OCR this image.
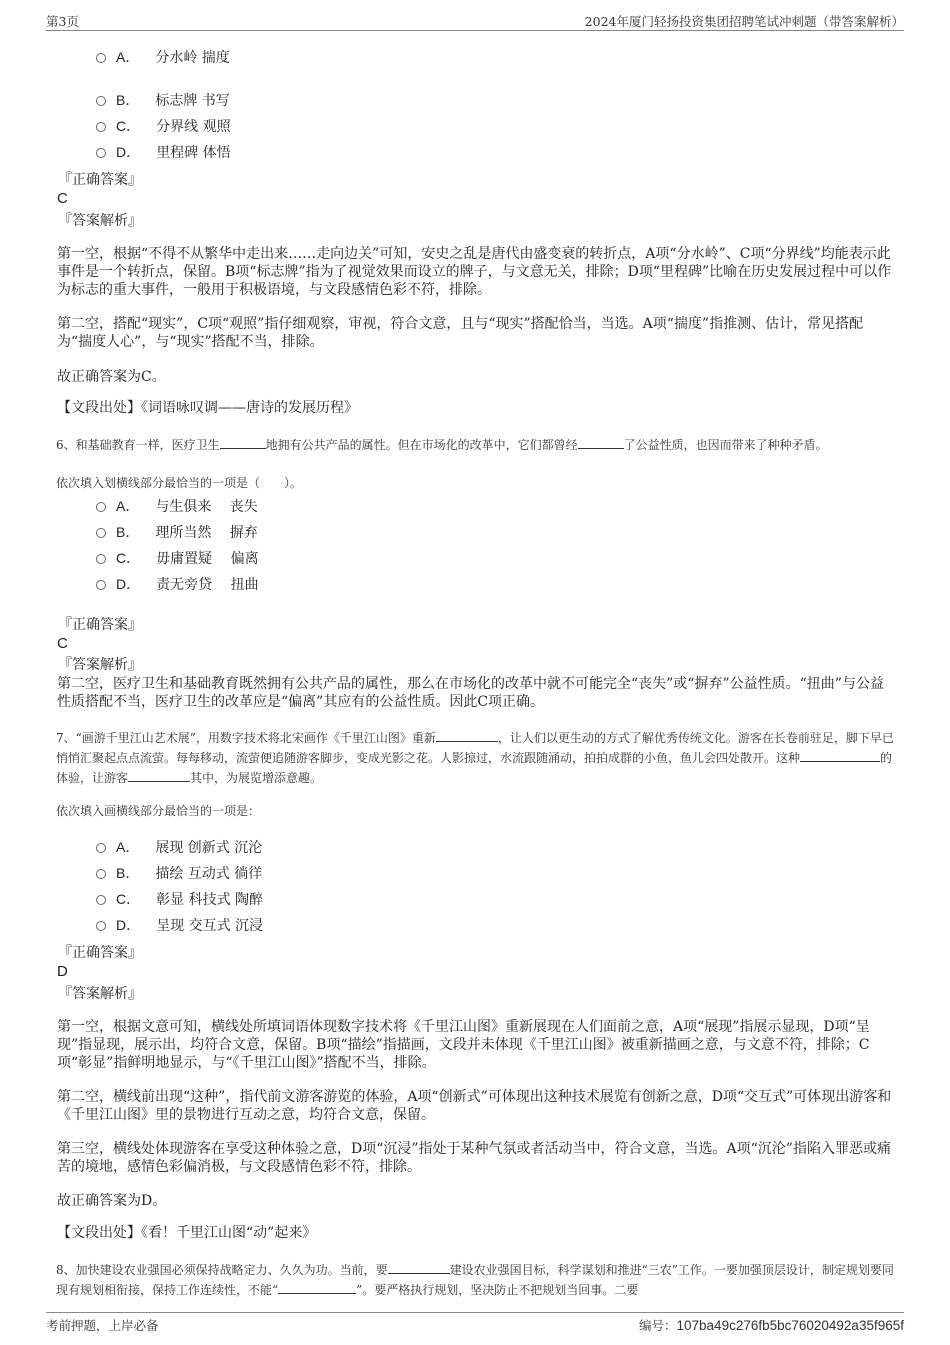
第3页	2024年厦门轻扬投资集团招聘笔试冲刺题（带答案解析）
A． 分水岭 揣度
B． 标志牌 书写
C． 分界线 观照
D． 里程碑 体悟
『正确答案』
C
『答案解析』
第一空，根据“不得不从繁华中走出来……走向边关”可知，安史之乱是唐代由盛变衰的转折点，A项“分水岭”、C项“分界线”均能表示此事件是一个转折点，保留。B项“标志牌”指为了视觉效果而设立的牌子，与文意无关，排除；D项“里程碑”比喻在历史发展过程中可以作为标志的重大事件，一般用于积极语境，与文段感情色彩不符，排除。
第二空，搭配“现实”，C项“观照”指仔细观察，审视，符合文意，且与“现实”搭配恰当，当选。A项“揣度”指推测、估计，常见搭配为“揣度人心”，与“现实”搭配不当，排除。
故正确答案为C。
【文段出处】《词语咏叹调——唐诗的发展历程》
6、和基础教育一样，医疗卫生	地拥有公共产品的属性。但在市场化的改革中，它们都曾经	了公益性质，也因而带来了种种矛盾。
依次填入划横线部分最恰当的一项是（　　）。
A． 与生俱来　 丧失
B． 理所当然　 摒弃
C． 毋庸置疑　 偏离
D． 责无旁贷　 扭曲
『正确答案』
C
『答案解析』
第二空，医疗卫生和基础教育既然拥有公共产品的属性，那么在市场化的改革中就不可能完全“丧失”或“摒弃”公益性质。“扭曲”与公益性质搭配不当，医疗卫生的改革应是“偏离”其应有的公益性质。因此C项正确。
7、“画游千里江山艺术展”，用数字技术将北宋画作《千里江山图》重新	，让人们以更生动的方式了解优秀传统文化。游客在长卷前驻足，脚下早已悄悄汇聚起点点流萤。每每移动，流萤便追随游客脚步，变成光影之花。人影掠过，水流跟随涌动，拍拍成群的小鱼，鱼儿会四处散开。这种	的体验，让游客	其中，为展览增添意趣。
依次填入画横线部分最恰当的一项是：
A． 展现 创新式 沉沦
B． 描绘 互动式 徜徉
C． 彰显 科技式 陶醉
D． 呈现 交互式 沉浸
『正确答案』
D
『答案解析』
第一空，根据文意可知，横线处所填词语体现数字技术将《千里江山图》重新展现在人们面前之意，A项“展现”指展示显现，D项“呈现”指显现，展示出，均符合文意，保留。B项“描绘”指描画，文段并未体现《千里江山图》被重新描画之意，与文意不符，排除；C项“彰显”指鲜明地显示，与“《千里江山图》”搭配不当，排除。
第二空，横线前出现“这种”，指代前文游客游览的体验，A项“创新式”可体现出这种技术展览有创新之意，D项“交互式”可体现出游客和《千里江山图》里的景物进行互动之意，均符合文意，保留。
第三空，横线处体现游客在享受这种体验之意，D项“沉浸”指处于某种气氛或者活动当中，符合文意，当选。A项“沉沦”指陷入罪恶或痛苦的境地，感情色彩偏消极，与文段感情色彩不符，排除。
故正确答案为D。
【文段出处】《看！千里江山图“动”起来》
8、加快建设农业强国必须保持战略定力、久久为功。当前，要	建设农业强国目标，科学谋划和推进“三农”工作。一要加强顶层设计，制定规划要同现有规划相衔接，保持工作连续性，不能“	”。要严格执行规划，坚决防止不把规划当回事。二要
考前押题，上岸必备	编号：107ba49c276fb5bc76020492a35f965f
